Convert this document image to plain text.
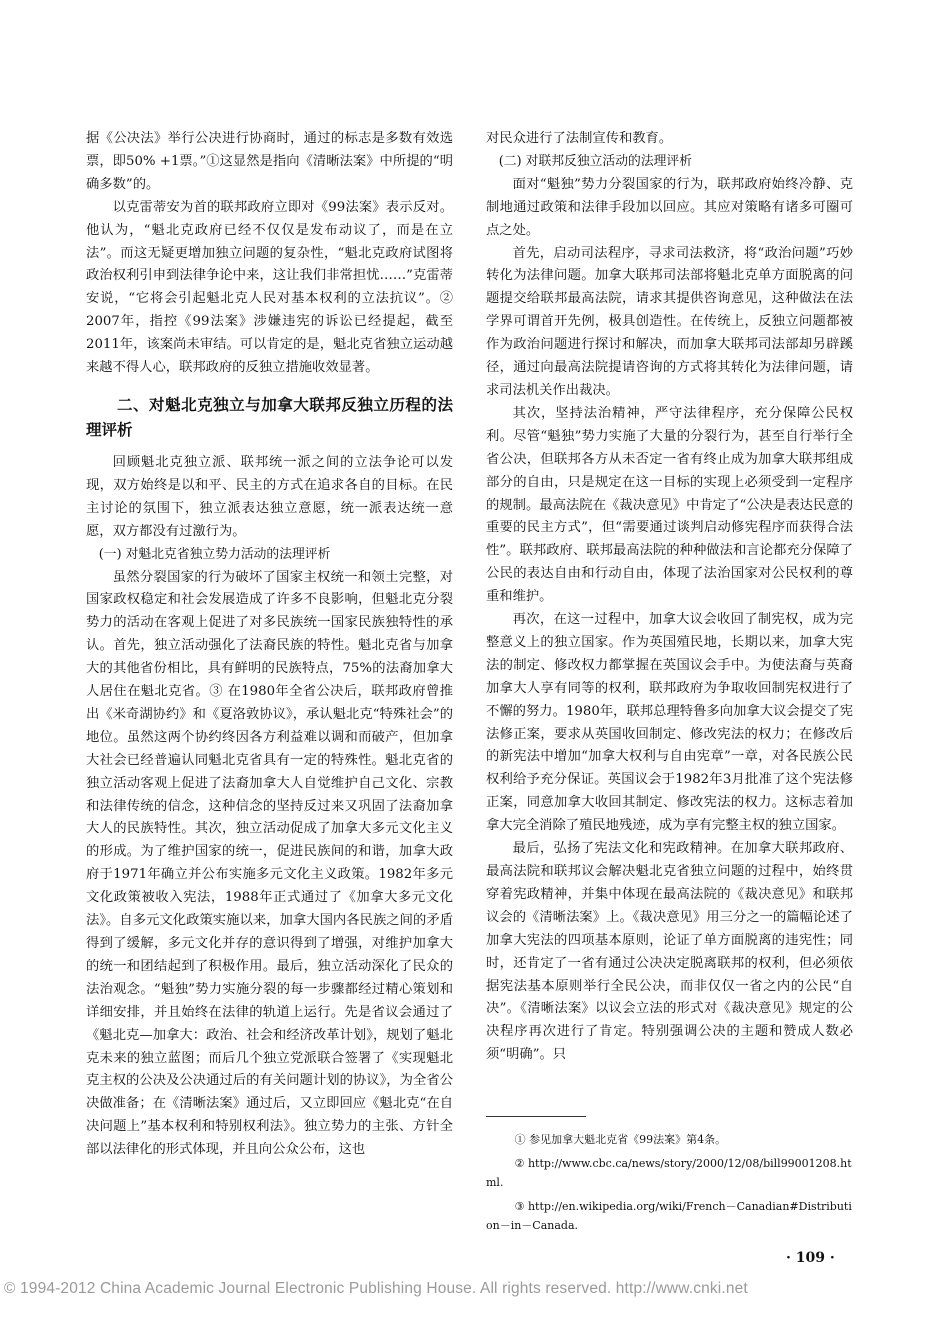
据《公决法》举行公决进行协商时，通过的标志是多数有效选票，即50% +1票。”①这显然是指向《清晰法案》中所提的“明确多数”的。

以克雷蒂安为首的联邦政府立即对《99法案》表示反对。他认为，“魁北克政府已经不仅仅是发布动议了，而是在立法”。而这无疑更增加独立问题的复杂性，“魁北克政府试图将政治权利引申到法律争论中来，这让我们非常担忧……”克雷蒂安说，“它将会引起魁北克人民对基本权利的立法抗议”。② 2007年，指控《99法案》涉嫌违宪的诉讼已经提起，截至2011年，该案尚未审结。可以肯定的是，魁北克省独立运动越来越不得人心，联邦政府的反独立措施收效显著。

二、对魁北克独立与加拿大联邦反独立历程的法理评析

回顾魁北克独立派、联邦统一派之间的立法争论可以发现，双方始终是以和平、民主的方式在追求各自的目标。在民主讨论的氛围下，独立派表达独立意愿，统一派表达统一意愿，双方都没有过激行为。

(一) 对魁北克省独立势力活动的法理评析

虽然分裂国家的行为破坏了国家主权统一和领土完整，对国家政权稳定和社会发展造成了许多不良影响，但魁北克分裂势力的活动在客观上促进了对多民族统一国家民族独特性的承认。首先，独立活动强化了法裔民族的特性。魁北克省与加拿大的其他省份相比，具有鲜明的民族特点，75%的法裔加拿大人居住在魁北克省。③ 在1980年全省公决后，联邦政府曾推出《米奇湖协约》和《夏洛敦协议》，承认魁北克“特殊社会”的地位。虽然这两个协约终因各方利益难以调和而破产，但加拿大社会已经普遍认同魁北克省具有一定的特殊性。魁北克省的独立活动客观上促进了法裔加拿大人自觉维护自己文化、宗教和法律传统的信念，这种信念的坚持反过来又巩固了法裔加拿大人的民族特性。其次，独立活动促成了加拿大多元文化主义的形成。为了维护国家的统一，促进民族间的和谐，加拿大政府于1971年确立并公布实施多元文化主义政策。1982年多元文化政策被收入宪法，1988年正式通过了《加拿大多元文化法》。自多元文化政策实施以来，加拿大国内各民族之间的矛盾得到了缓解，多元文化并存的意识得到了增强，对维护加拿大的统一和团结起到了积极作用。最后，独立活动深化了民众的法治观念。“魁独”势力实施分裂的每一步骤都经过精心策划和详细安排，并且始终在法律的轨道上运行。先是省议会通过了《魁北克—加拿大：政治、社会和经济改革计划》，规划了魁北克未来的独立蓝图；而后几个独立党派联合签署了《实现魁北克主权的公决及公决通过后的有关问题计划的协议》，为全省公决做准备；在《清晰法案》通过后，又立即回应《魁北克“在自决问题上”基本权利和特别权利法》。独立势力的主张、方针全部以法律化的形式体现，并且向公众公布，这也

对民众进行了法制宣传和教育。

(二) 对联邦反独立活动的法理评析

面对“魁独”势力分裂国家的行为，联邦政府始终冷静、克制地通过政策和法律手段加以回应。其应对策略有诸多可圈可点之处。

首先，启动司法程序，寻求司法救济，将“政治问题”巧妙转化为法律问题。加拿大联邦司法部将魁北克单方面脱离的问题提交给联邦最高法院，请求其提供咨询意见，这种做法在法学界可谓首开先例，极具创造性。在传统上，反独立问题都被作为政治问题进行探讨和解决，而加拿大联邦司法部却另辟蹊径，通过向最高法院提请咨询的方式将其转化为法律问题，请求司法机关作出裁决。

其次，坚持法治精神，严守法律程序，充分保障公民权利。尽管“魁独”势力实施了大量的分裂行为，甚至自行举行全省公决，但联邦各方从未否定一省有终止成为加拿大联邦组成部分的自由，只是规定在这一目标的实现上必须受到一定程序的规制。最高法院在《裁决意见》中肯定了“公决是表达民意的重要的民主方式”，但“需要通过谈判启动修宪程序而获得合法性”。联邦政府、联邦最高法院的种种做法和言论都充分保障了公民的表达自由和行动自由，体现了法治国家对公民权利的尊重和维护。

再次，在这一过程中，加拿大议会收回了制宪权，成为完整意义上的独立国家。作为英国殖民地，长期以来，加拿大宪法的制定、修改权力都掌握在英国议会手中。为使法裔与英裔加拿大人享有同等的权利，联邦政府为争取收回制宪权进行了不懈的努力。1980年，联邦总理特鲁多向加拿大议会提交了宪法修正案，要求从英国收回制定、修改宪法的权力；在修改后的新宪法中增加“加拿大权利与自由宪章”一章，对各民族公民权利给予充分保证。英国议会于1982年3月批准了这个宪法修正案，同意加拿大收回其制定、修改宪法的权力。这标志着加拿大完全消除了殖民地残迹，成为享有完整主权的独立国家。

最后，弘扬了宪法文化和宪政精神。在加拿大联邦政府、最高法院和联邦议会解决魁北克省独立问题的过程中，始终贯穿着宪政精神，并集中体现在最高法院的《裁决意见》和联邦议会的《清晰法案》上。《裁决意见》用三分之一的篇幅论述了加拿大宪法的四项基本原则，论证了单方面脱离的违宪性；同时，还肯定了一省有通过公决决定脱离联邦的权利，但必须依据宪法基本原则举行全民公决，而非仅仅一省之内的公民“自决”。《清晰法案》以议会立法的形式对《裁决意见》规定的公决程序再次进行了肯定。特别强调公决的主题和赞成人数必须“明确”。只

① 参见加拿大魁北克省《99法案》第4条。

② http://www.cbc.ca/news/story/2000/12/08/bill99001208.html.

③ http://en.wikipedia.org/wiki/French－Canadian#Distribution－in－Canada.

· 109 ·
© 1994-2012 China Academic Journal Electronic Publishing House. All rights reserved. http://www.cnki.net
